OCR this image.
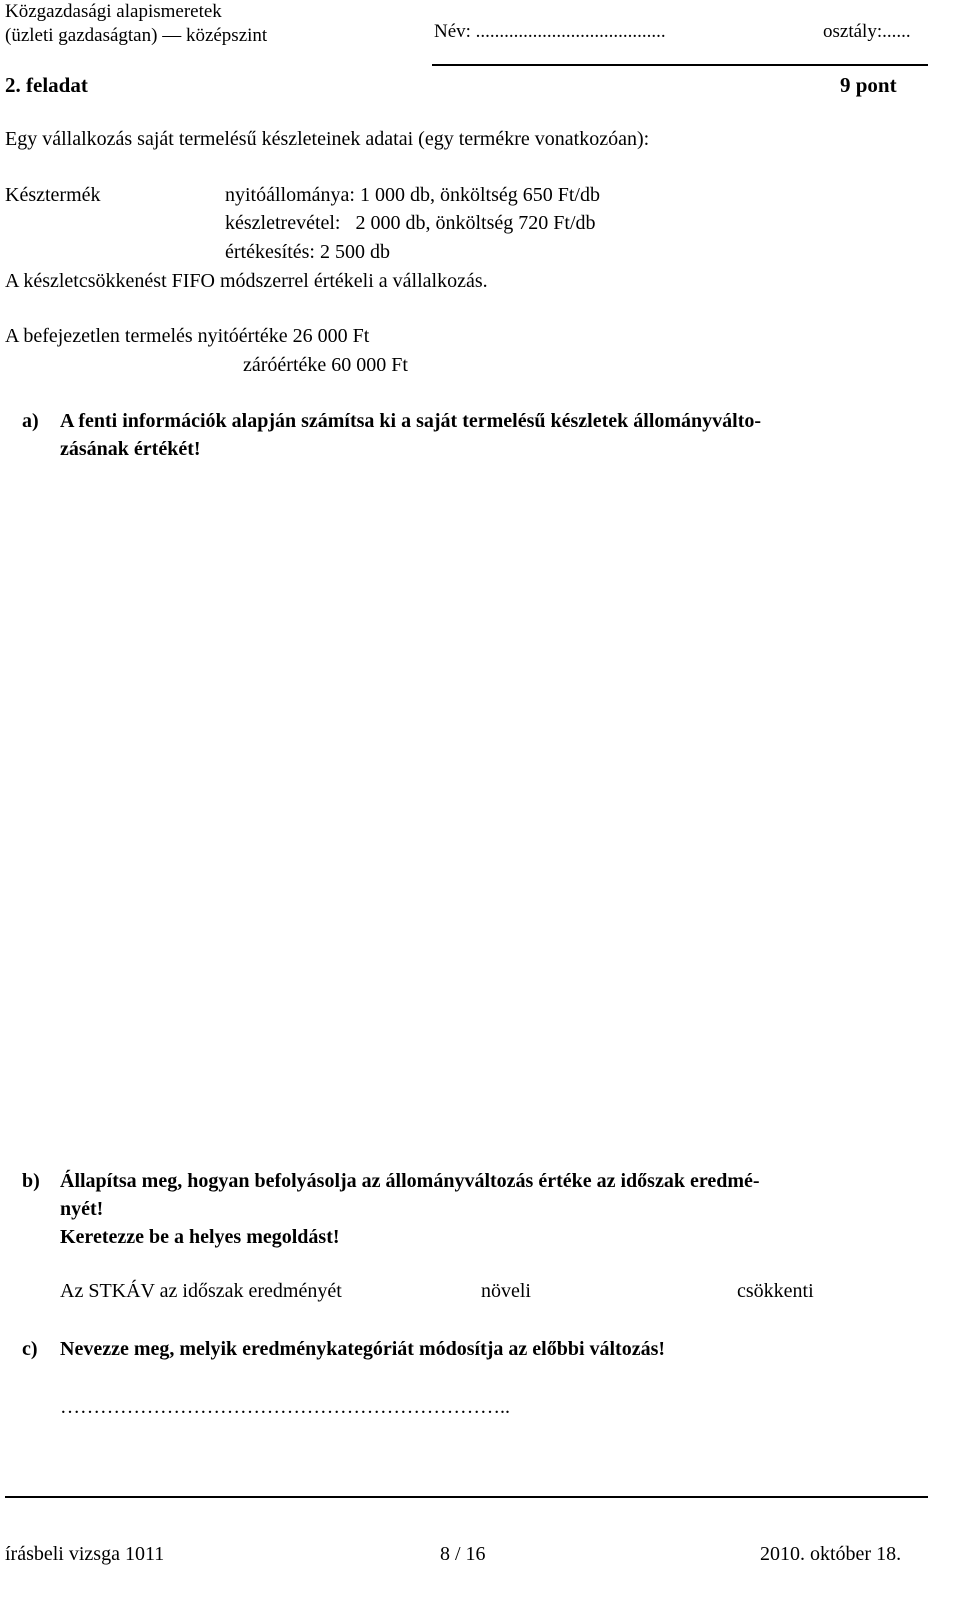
Közgazdasági alapismeretek
(üzleti gazdaságtan) — középszint	Név: ........................................	osztály:......
2. feladat	9 pont
Egy vállalkozás saját termelésű készleteinek adatai (egy termékre vonatkozóan):
Késztermék	nyitóállománya: 1 000 db, önköltség 650 Ft/db
készletrevétel:   2 000 db, önköltség 720 Ft/db
értékesítés: 2 500 db
A készletcsökkenést FIFO módszerrel értékeli a vállalkozás.
A befejezetlen termelés nyitóértéke 26 000 Ft
záróértéke 60 000 Ft
a) A fenti információk alapján számítsa ki a saját termelésű készletek állományválto-
zásának értékét!
b) Állapítsa meg, hogyan befolyásolja az állományváltozás értéke az időszak eredmé-
nyét!
Keretezze be a helyes megoldást!
Az STKÁV az időszak eredményét	növeli	csökkenti
c) Nevezze meg, melyik eredménykategóriát módosítja az előbbi változás!
…………………………………………………………..
írásbeli vizsga 1011	8 / 16	2010. október 18.
